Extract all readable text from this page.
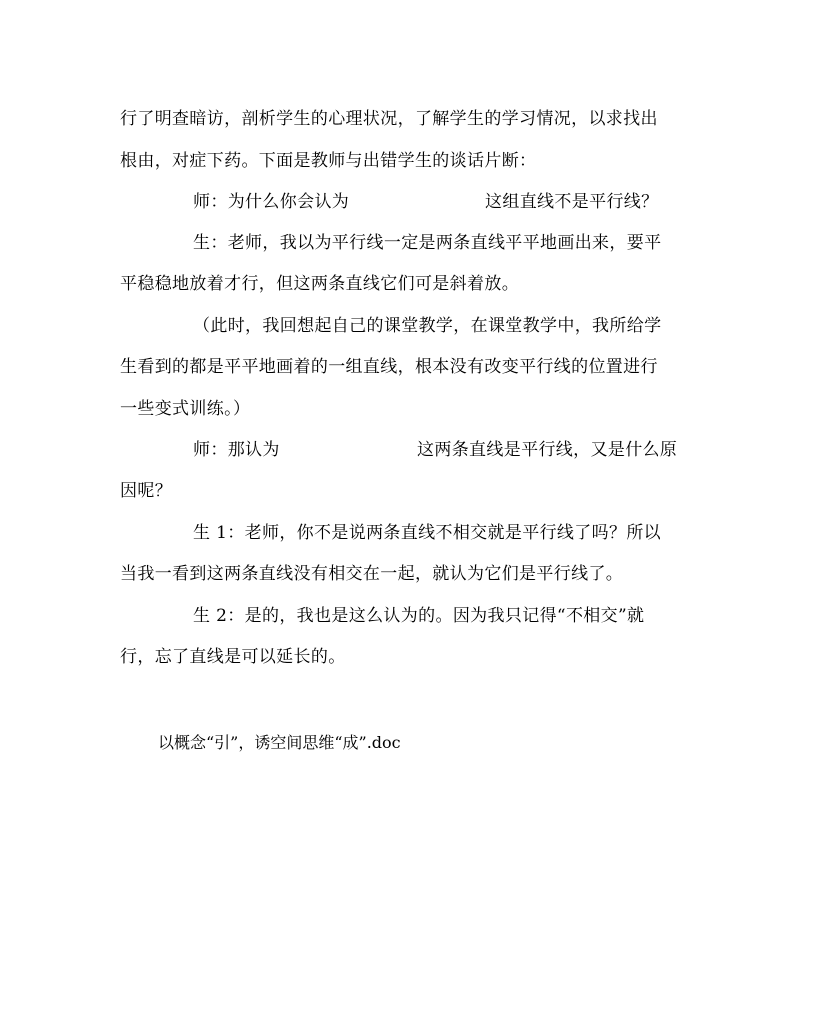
行了明查暗访，剖析学生的心理状况，了解学生的学习情况，以求找出
根由，对症下药。下面是教师与出错学生的谈话片断：
师：为什么你会认为	这组直线不是平行线？
生：老师，我以为平行线一定是两条直线平平地画出来，要平
平稳稳地放着才行，但这两条直线它们可是斜着放。
（此时，我回想起自己的课堂教学，在课堂教学中，我所给学
生看到的都是平平地画着的一组直线，根本没有改变平行线的位置进行
一些变式训练。）
师：那认为	这两条直线是平行线，又是什么原
因呢？
生 1：老师，你不是说两条直线不相交就是平行线了吗？所以
当我一看到这两条直线没有相交在一起，就认为它们是平行线了。
生 2：是的，我也是这么认为的。因为我只记得“不相交”就
行，忘了直线是可以延长的。
以概念“引”，诱空间思维“成”.doc
